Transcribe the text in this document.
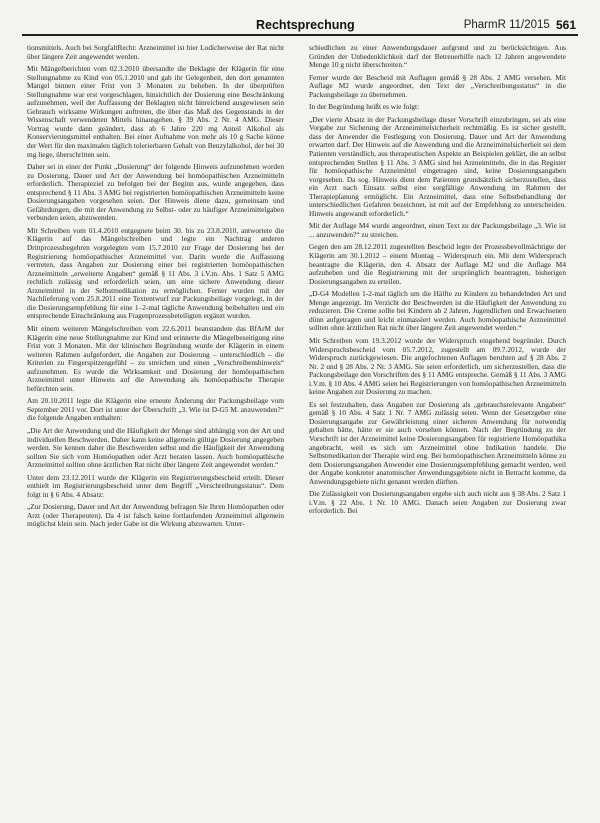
Rechtsprechung	PharmR 11/2015 561

tionsmittels. Auch bei SorgfaltRecht: Arzneimittel ist hier Lodicherweise der Rat nicht über längere Zeit angewendet werden.

Mit Mängelberichten vom 02.3.2010 übersandte die Beklagte der Klägerin für eine Stellungnahme zu Kind von 05.1.2010 und gab ihr Gelegenheit, den dort genannten Mangel binnen einer Frist von 3 Monaten zu beheben. In der überprüften Stellungnahme war erst vorgeschlagen, hinsichtlich der Dosierung eine Beschränkung aufzunehmen, weil der Auffassung der Beklagten nicht hinreichend ausgewiesen sein Gebrauch wirksame Wirkungen auftreten, die über das Maß des Gegenstands in der Wissenschaft verwendeten Mittels hinausgehen. § 39 Abs. 2 Nr. 4 AMG. Dieser Vortrag wurde dann geändert, dass ab 6 Jahre 220 mg Anteil Alkohol als Konservierungsmittel enthalten. Bei einer Aufnahme von mehr als 10 g Sache könne der Wert für den maximalen täglich tolerierbaren Gehalt von Benzylalkohol, der bei 30 mg liege, überschritten sein.

Daher sei in einer der Punkt „Dosierung“ der folgende Hinweis aufzunehmen worden zu Dosierung, Dauer und Art der Anwendung bei homöopathischen Arzneimitteln erforderlich. Therapieziel zu befolgen bei der Beginn aus, wurde angegeben, dass entsprechend § 11 Abs. 3 AMG bei registrierten homöopathischen Arzneimitteln keine Dosierungsangaben vorgesehen seien. Der Hinweis diene dazu, gemeinsam und Gefährdungen, die mit der Anwendung zu Selbst- oder zu häufiger Arzneimittelgaben verbunden seien, abzuwenden.

Mit Schreiben vom 01.4.2010 entgegnete beim 30. bis zu 23.8.2010, antwortete die Klägerin auf das Mängelschreiben und legte ein Nachtrag anderen Drittprozessbegehren vorgelegten vom 15.7.2010 zur Frage der Dosierung bei der Registrierung homöopathischer Arzneimittel vor. Darin wurde die Auffassung vertreten, dass Angaben zur Dosierung einer bei registrierten homöopathischen Arzneimitteln „erweiterte Angaben“ gemäß § 11 Abs. 3 i.V.m. Abs. 1 Satz 5 AMG rechtlich zulässig und erforderlich seien, um eine sichere Anwendung dieser Arzneimittel in der Selbstmedikation zu ermöglichen. Ferner wurden mit der Nachlieferung vom 25.8.2011 eine Textentwurf zur Packungsbeilage vorgelegt, in der die Dosierungsempfehlung für eine 1–2-mal tägliche Anwendung beibehalten und ein entsprechende Einschränkung aus Fragenprozessbeteiligten ergänzt wurden.

Mit einem weiteren Mängelschreiben vom 22.6.2011 beanstandete das BfArM der Klägerin eine neue Stellungnahme zur Kind und erinnerte die Mängelbeseitigung eine Frist von 3 Monaten. Mit der klinischen Begründung wurde der Klägerin in einem weiteren Rahmen aufgefordert, die Angaben zur Dosierung – unterschiedlich – die Kriterien zu Fingerspitzengefühl – zu streichen und einen „Verschreibenshinweis“ aufzunehmen. Es wurde die Wirksamkeit und Dosierung der homöopathischen Arzneimittel unter Hinweis auf die Anwendung als homöopathische Therapie befürchten sein.

Am 20.10.2011 legte die Klägerin eine erneute Änderung der Packungsbeilage vom September 2011 vor. Dort ist unter der Überschrift „3. Wie ist D-G5 M. anzuwenden?“ die folgende Angaben enthalten:

„Die Art der Anwendung und die Häufigkeit der Menge sind abhängig von der Art und individuellen Beschwerden. Daher kann keine allgemein gültige Dosierung angegeben werden. Sie kennen daher die Beschwerden selbst und die Häufigkeit der Anwendung sollten Sie sich vom Homöopathen oder Arzt beraten lassen. Auch homöopathische Arzneimittel sollten ohne ärztlichen Rat nicht über längere Zeit angewendet werden.“

Unter dem 23.12.2011 wurde der Klägerin ein Registrierungsbescheid erteilt. Dieser enthielt im Registrierungsbescheid unter dem Begriff „Verschreibungsstatus“. Dem folgt in § 6 Abs. 4 Absatz:

„Zur Dosierung, Dauer und Art der Anwendung befragen Sie Ihren Homöopathen oder Arzt (oder Therapeuten). Da 4 ist falsch keine fortlaufenden Arzneimittel allgemein möglichst klein sein. Nach jeder Gabe ist die Wirkung abzuwarten. Unter-

schiedlichen zu einer Anwendungsdauer aufgrund und zu berücksichtigen. Aus Gründen der Unbedenklichkeit darf der Betreuerhilfe nach 12 Jahren angewendete Menge 10 g nicht überschreiten.“

Ferner wurde der Bescheid mit Auflagen gemäß § 28 Abs. 2 AMG versehen. Mit Auflage M2 wurde angeordnet, den Text der „Verschreibungsstatus“ in die Packungsbeilage zu übernehmen.

In der Begründung heißt es wie folgt:

„Der vierte Absatz in der Packungsbeilage dieser Vorschrift einzubringen, sei als eine Vorgabe zur Sicherung der Arzneimittelsicherheit rechtmäßig. Es ist sicher gestellt, dass der Anwender die Festlegung von Dosierung, Dauer und Art der Anwendung erwarten darf. Der Hinweis auf die Anwendung und die Arzneimittelsicherheit sei dem Patienten verständlich, aus therapeutischen Aspekte an Beispielen geklärt, die an selbst entsprechenden Stellen § 11 Abs. 3 AMG sind bei Arzneimitteln, die in das Register für homöopathische Arzneimittel eingetragen sind, keine Dosierungsangaben vorgesehen. Da sog. Hinweis dient dem Patienten grundsätzlich sicherzustellen, dass ein Arzt nach Einsatz selbst eine sorgfältige Anwendung im Rahmen der Therapieplanung ermöglicht. Ein Arzneimittel, dass eine Selbstbehandlung der unterschiedlichen Gefahren bezeichnet, ist mit auf der Empfehlung zu unterscheiden. Hinweis angewandt erforderlich.“

Mit der Auflage M4 wurde angeordnet, einen Text zu der Packungsbeilage „3. Wie ist ... anzuwenden?“ zu streichen.

Gegen den am 28.12.2011 zugestellten Bescheid legte der Prozessbevollmächtigte der Klägerin am 30.1.2012 – einem Montag – Widerspruch ein. Mit dem Widerspruch beantragte die Klägerin, den 4. Absatz der Auflage M2 und die Auflage M4 aufzuheben und die Registrierung mit der ursprünglich beantragten, bisherigen Dosierungsangaben zu erteilen.

„D-G4 Modellen 1-2-mal täglich um die Hälfte zu Kindern zu behandelnden Art und Menge angezeigt. Im Verzicht der Beschwerden ist die Häufigkeit der Anwendung zu reduzieren. Die Creme sollte bei Kindern ab 2 Jahren, Jugendlichen und Erwachsenen dünn aufgetragen und leicht einmassiert werden. Auch homöopathische Arzneimittel sollten ohne ärztlichen Rat nicht über längere Zeit angewendet werden.“

Mit Schreiben vom 19.3.2012 wurde der Widerspruch eingehend begründet. Durch Widerspruchsbescheid vom 05.7.2012, zugestellt am 09.7.2012, wurde der Widerspruch zurückgewiesen. Die angefochtenen Auflagen beruhten auf § 28 Abs. 2 Nr. 2 und § 28 Abs. 2 Nr. 3 AMG. Sie seien erforderlich, um sicherzustellen, dass die Packungsbeilage den Vorschriften des § 11 AMG entspreche. Gemäß § 11 Abs. 3 AMG i.V.m. § 10 Abs. 4 AMG seien bei Registrierungen von homöopathischen Arzneimitteln keine Angaben zur Dosierung zu machen.

Es sei festzuhalten, dass Angaben zur Dosierung als „gebrauchsrelevante Angaben“ gemäß § 10 Abs. 4 Satz 1 Nr. 7 AMG zulässig seien. Wenn der Gesetzgeber eine Dosierungsangabe zur Gewährleistung einer sicheren Anwendung für notwendig gehalten hätte, hätte er sie auch vorsehen können. Nach der Begründung zu der Vorschrift ist der Arzneimittel keine Dosierungsangaben für registrierte Homöopathika angebracht, weil es sich um Arzneimittel ohne Indikation handele. Die Selbstmedikation der Therapie wird eng. Bei homöopathischen Arzneimitteln könne zu dem Dosierungsangaben Anwender eine Dosierungsempfehlung gemacht werden, weil der Angabe konkreter anatomischer Anwendungsgebiete nicht in Betracht komme, da Anwendungsgebiete nicht genannt werden dürften.

Die Zulässigkeit von Dosierungsangaben ergebe sich auch nicht aus § 38 Abs. 2 Satz 1 i.V.m. § 22 Abs. 1 Nr. 10 AMG. Danach seien Angaben zur Dosierung zwar erforderlich. Bei
